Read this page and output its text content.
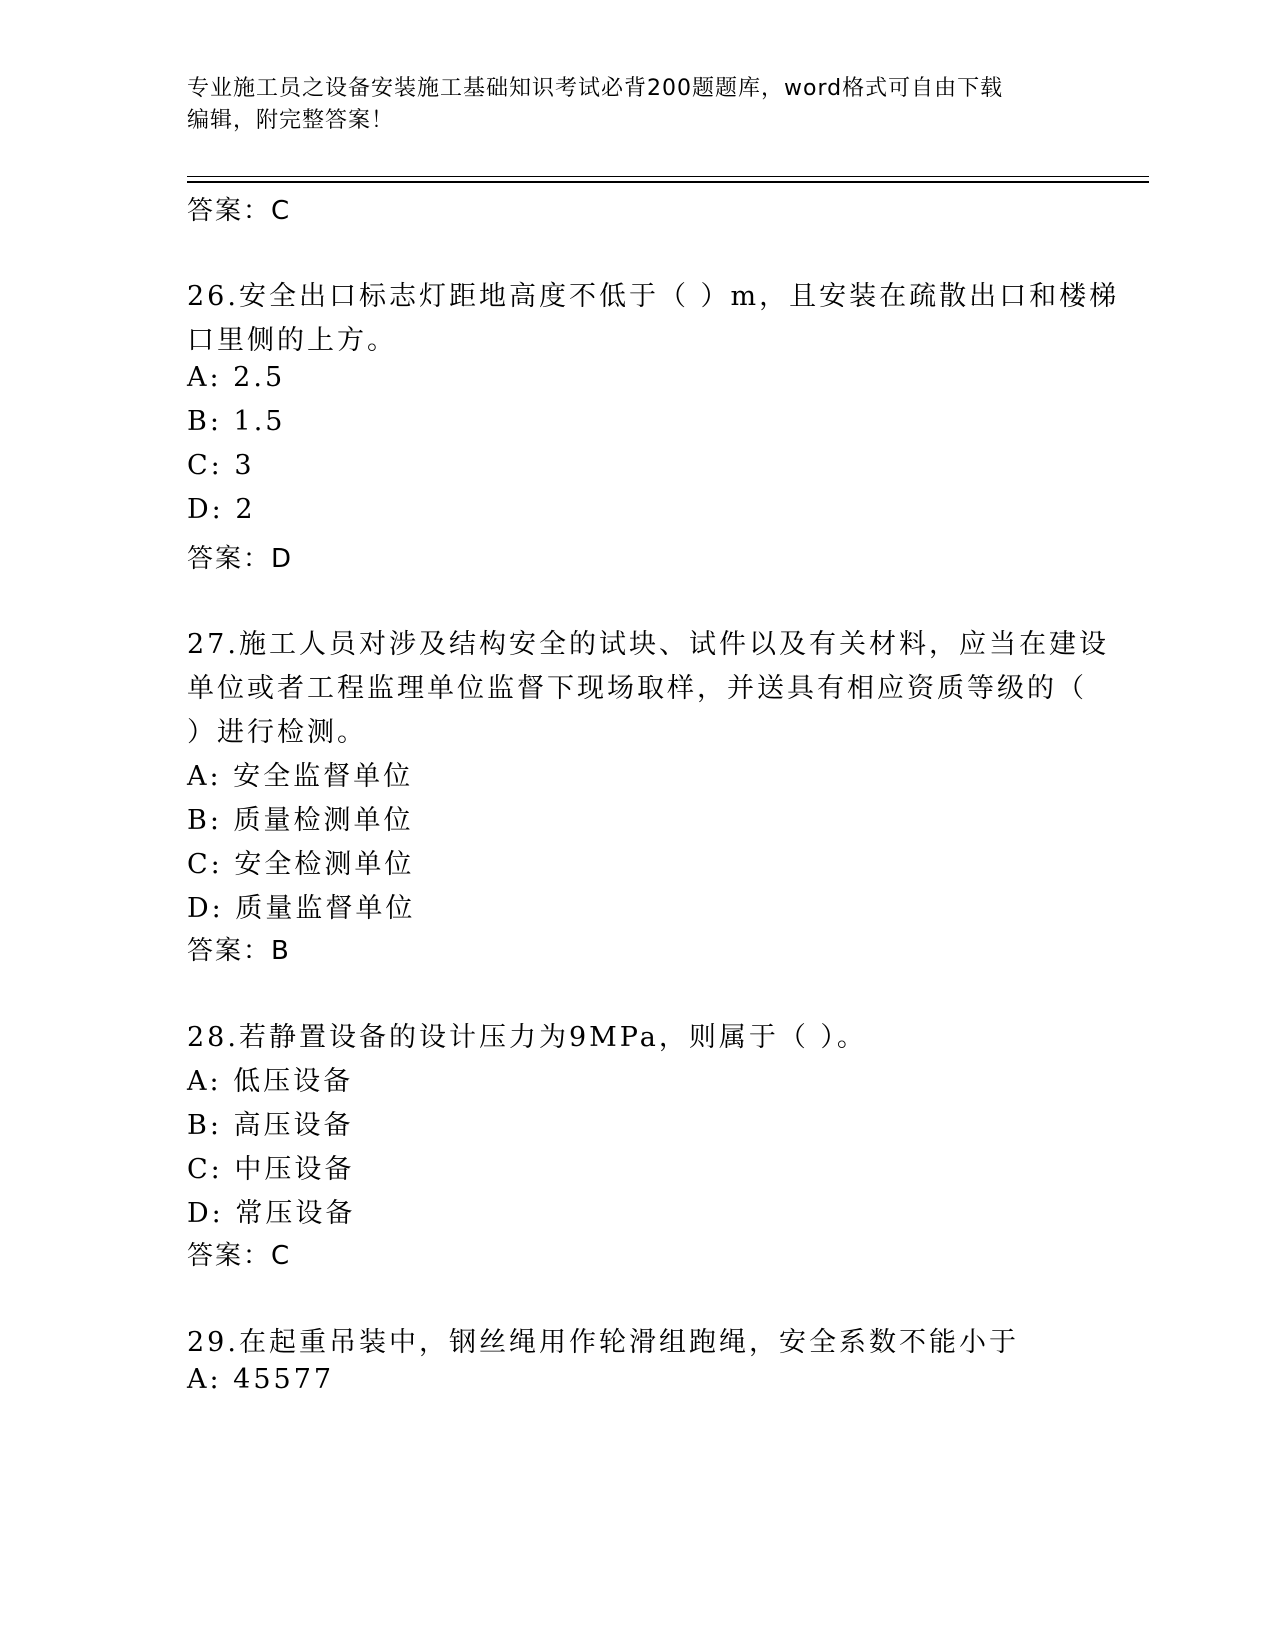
专业施工员之设备安装施工基础知识考试必背200题题库，word格式可自由下载
编辑，附完整答案！
答案：C
26.安全出口标志灯距地高度不低于（ ）m，且安装在疏散出口和楼梯
口里侧的上方。
A: 2.5
B: 1.5
C: 3
D: 2
答案：D
27.施工人员对涉及结构安全的试块、试件以及有关材料，应当在建设
单位或者工程监理单位监督下现场取样，并送具有相应资质等级的（
）进行检测。
A: 安全监督单位
B: 质量检测单位
C: 安全检测单位
D: 质量监督单位
答案：B
28.若静置设备的设计压力为9MPa，则属于（ ）。
A: 低压设备
B: 高压设备
C: 中压设备
D: 常压设备
答案：C
29.在起重吊装中，钢丝绳用作轮滑组跑绳，安全系数不能小于
A: 45577
